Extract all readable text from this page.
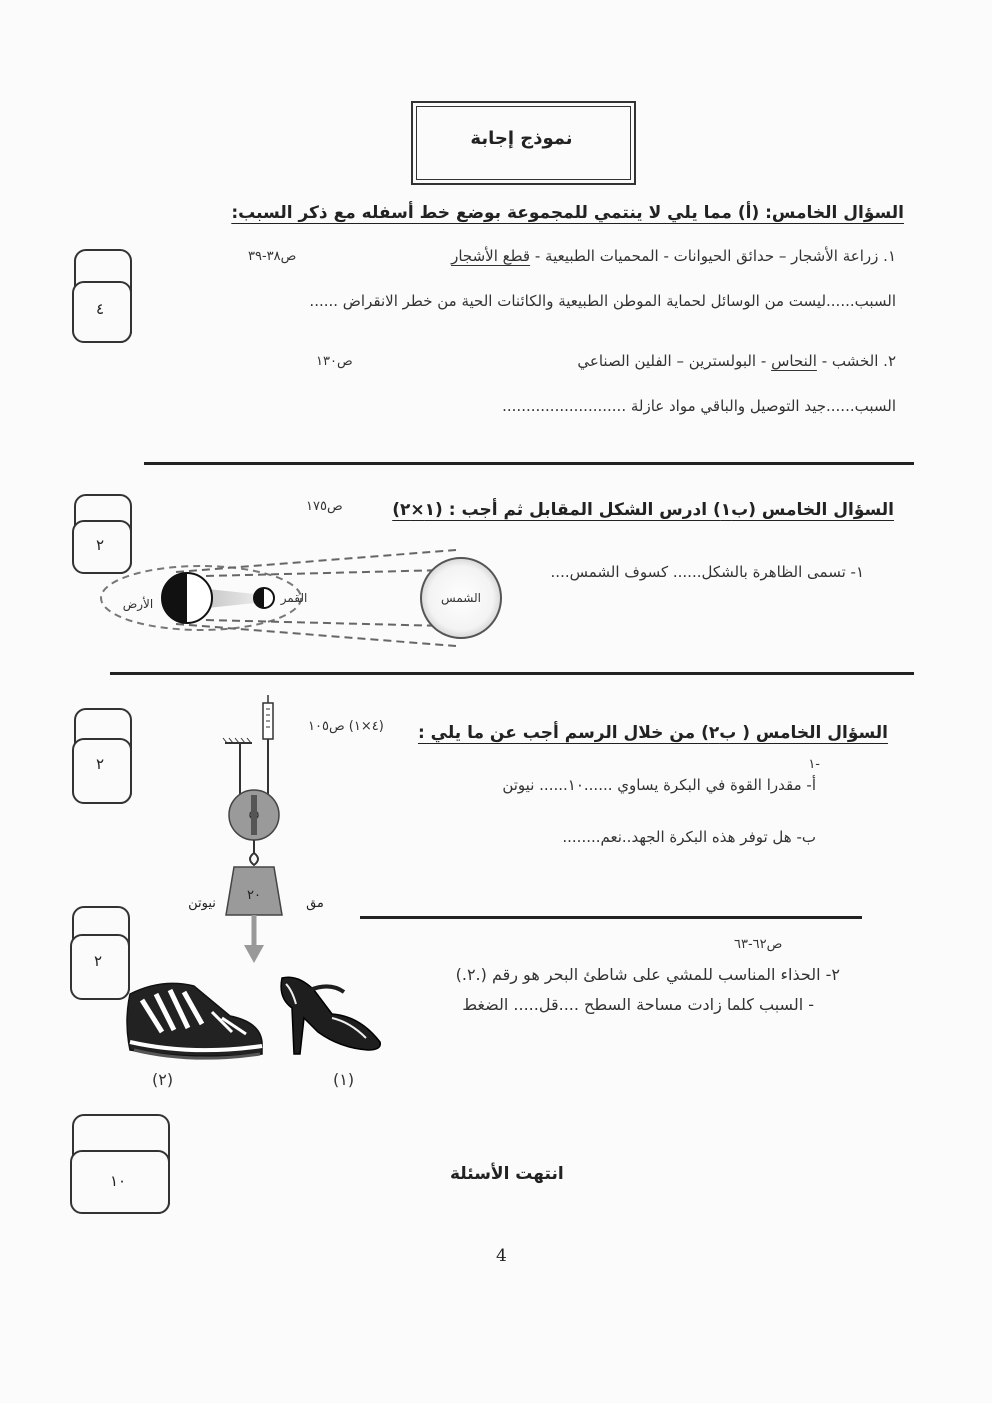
نموذج إجابة
السؤال الخامس: (أ) مما يلي لا ينتمي للمجموعة بوضع خط أسفله مع ذكر السبب:
١. زراعة الأشجار – حدائق الحيوانات - المحميات الطبيعية - قطع الأشجار
ص٣٨-٣٩
السبب......ليست من الوسائل لحماية الموطن الطبيعية والكائنات الحية من خطر الانقراض ......
٢. الخشب - النحاس - البولسترين – الفلين الصناعي
ص١٣٠
السبب......جيد التوصيل والباقي مواد عازلة ..........................
٤
السؤال الخامس (ب١) ادرس الشكل المقابل ثم أجب : (١×٢)
ص١٧٥
١- تسمى الظاهرة بالشكل...... كسوف الشمس....
الشمس
القمر
الأرض
٢
السؤال الخامس ( ب٢) من خلال الرسم أجب عن ما يلي :
(٤×١) ص١٠٥
١-
أ- مقدرا القوة في البكرة يساوي ......١٠...... نيوتن
ب- هل توفر هذه البكرة الجهد..نعم........
٢٠
مق
نيوتن
٢
ص٦٢-٦٣
٢- الحذاء المناسب للمشي على شاطئ البحر هو رقم (.٢.)
- السبب كلما زادت مساحة السطح ....قل..... الضغط
(٢)	(١)
٢
انتهت الأسئلة
١٠
4
